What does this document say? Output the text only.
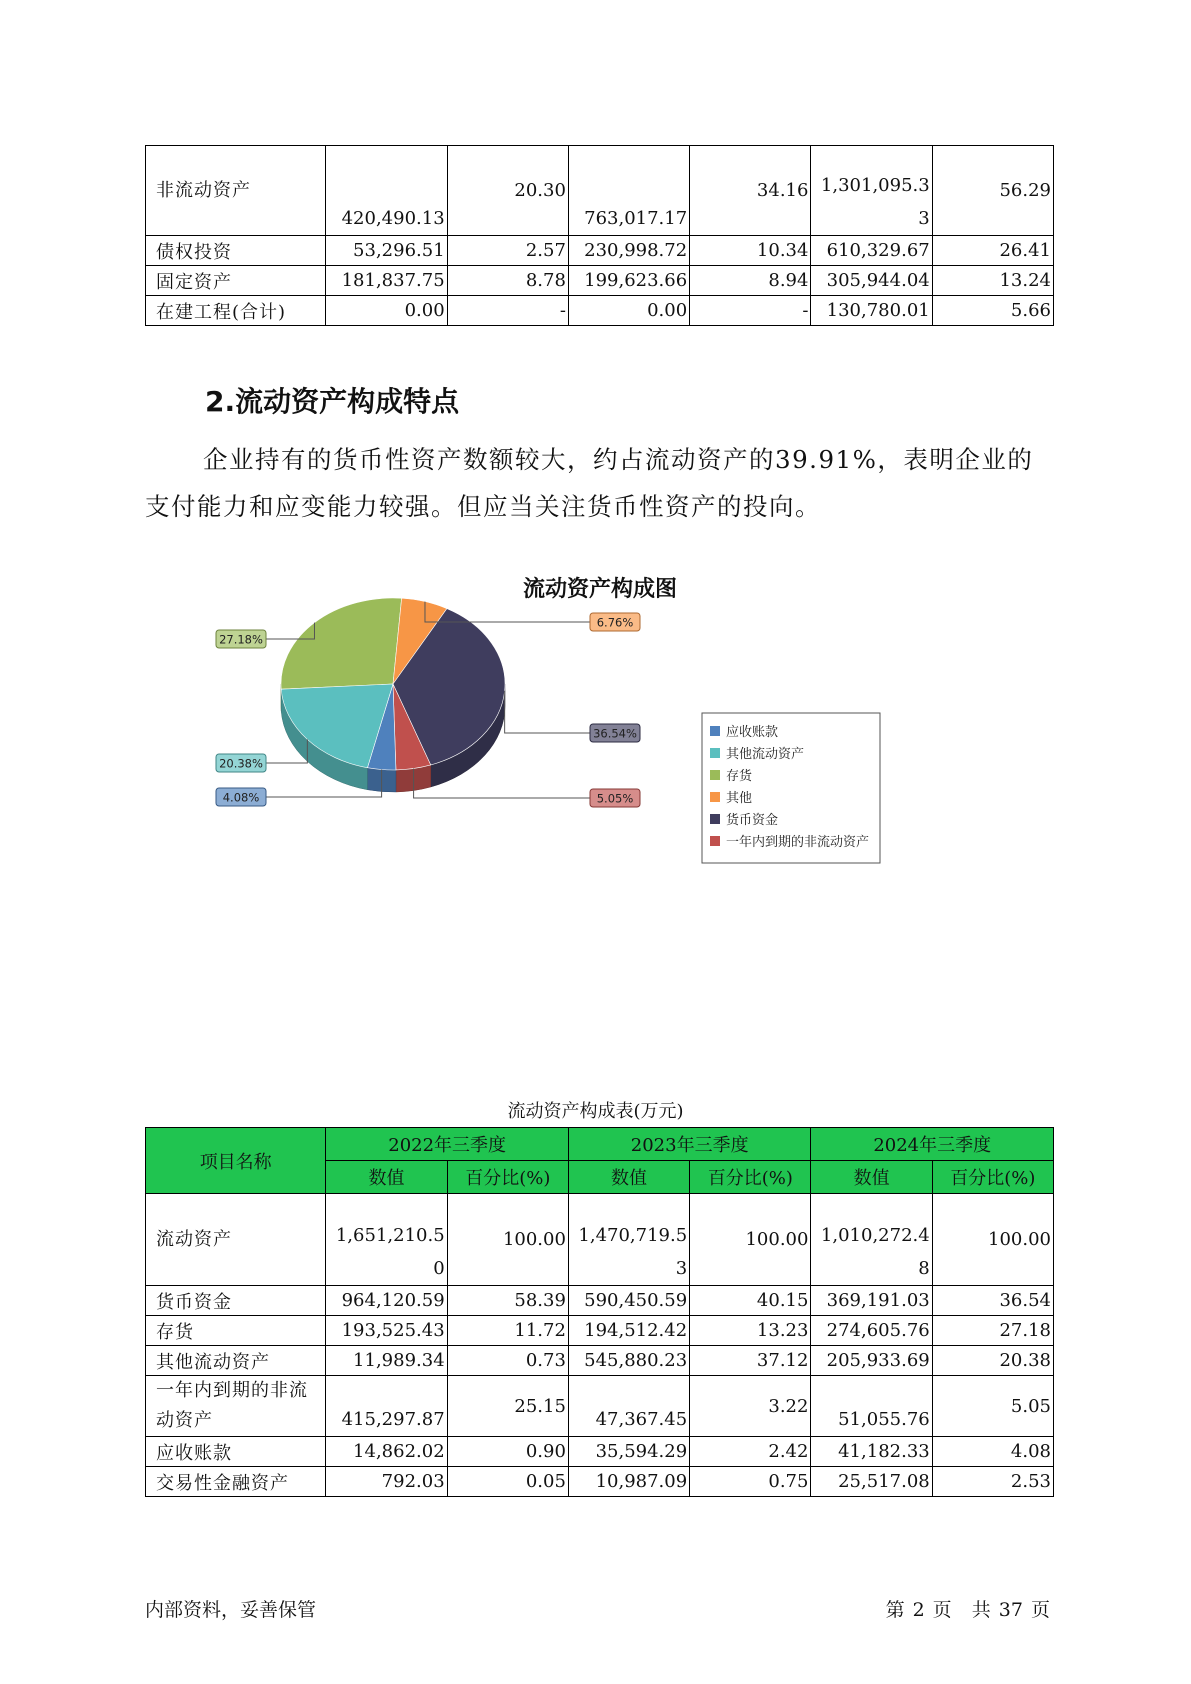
非流动资产	420,490.13	20.30	763,017.17	34.16	1,301,095.33	56.29
债权投资	53,296.51	2.57	230,998.72	10.34	610,329.67	26.41
固定资产	181,837.75	8.78	199,623.66	8.94	305,944.04	13.24
在建工程(合计)	0.00	-	0.00	-	130,780.01	5.66
2.流动资产构成特点

企业持有的货币性资产数额较大，约占流动资产的39.91%，表明企业的支付能力和应变能力较强。但应当关注货币性资产的投向。

流动资产构成图
27.18%
6.76%
36.54%
5.05%
4.08%
20.38%
应收账款
其他流动资产
存货
其他
货币资金
一年内到期的非流动资产
流动资产构成表(万元)
项目名称	2022年三季度		2023年三季度		2024年三季度	
	数值	百分比(%)	数值	百分比(%)	数值	百分比(%)
流动资产	1,651,210.50	100.00	1,470,719.53	100.00	1,010,272.48	100.00
货币资金	964,120.59	58.39	590,450.59	40.15	369,191.03	36.54
存货	193,525.43	11.72	194,512.42	13.23	274,605.76	27.18
其他流动资产	11,989.34	0.73	545,880.23	37.12	205,933.69	20.38
一年内到期的非流动资产	415,297.87	25.15	47,367.45	3.22	51,055.76	5.05
应收账款	14,862.02	0.90	35,594.29	2.42	41,182.33	4.08
交易性金融资产	792.03	0.05	10,987.09	0.75	25,517.08	2.53
内部资料，妥善保管	第 2 页 共 37 页
